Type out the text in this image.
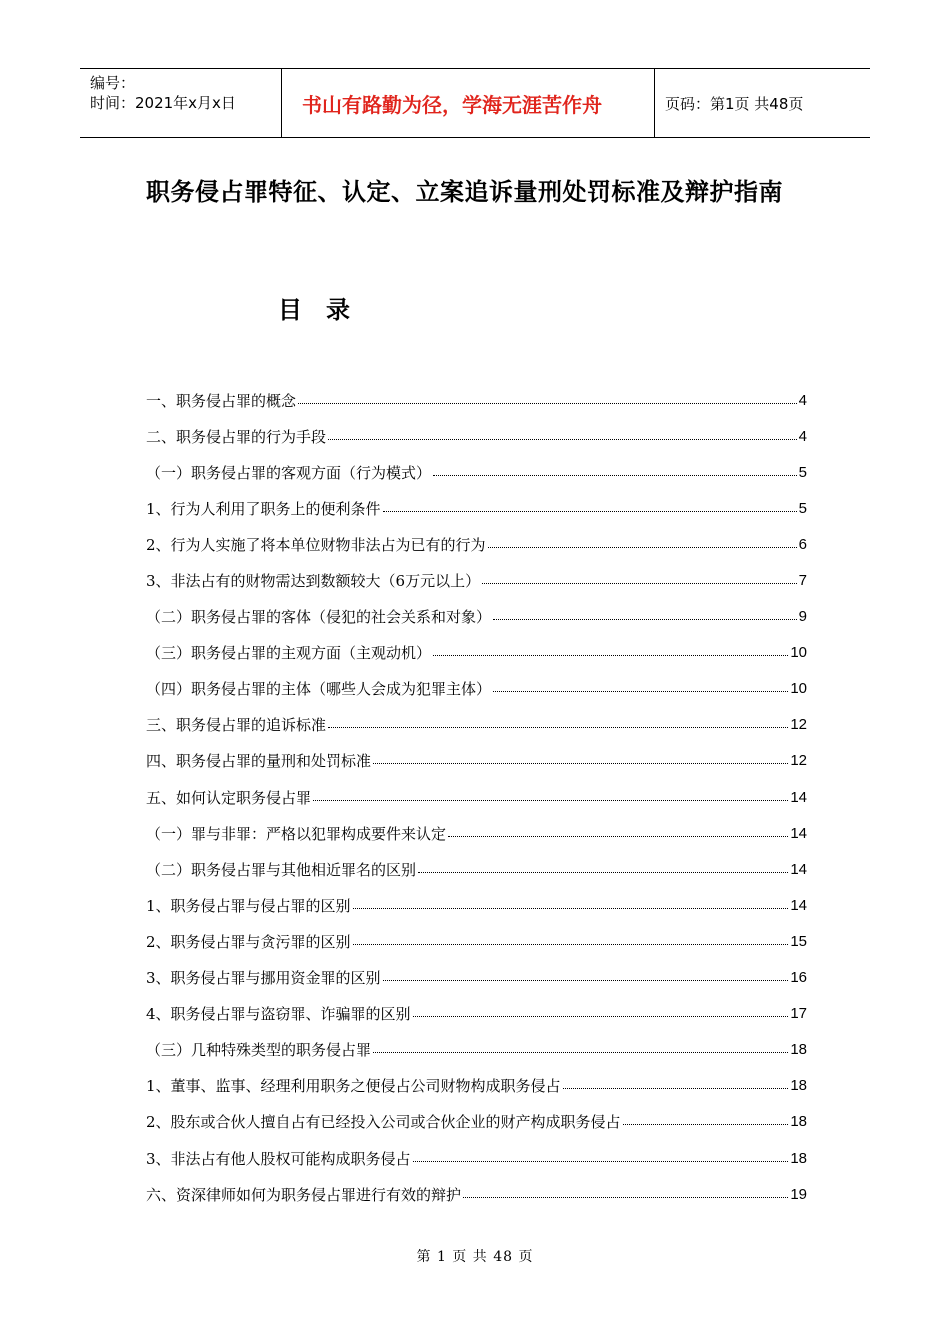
编号：
时间：2021年x月x日	书山有路勤为径，学海无涯苦作舟	页码：第1页 共48页
职务侵占罪特征、认定、立案追诉量刑处罚标准及辩护指南
目录
一、职务侵占罪的概念	4
二、职务侵占罪的行为手段	4
（一）职务侵占罪的客观方面（行为模式）	5
1、行为人利用了职务上的便利条件	5
2、行为人实施了将本单位财物非法占为已有的行为	6
3、非法占有的财物需达到数额较大（6万元以上）	7
（二）职务侵占罪的客体（侵犯的社会关系和对象）	9
（三）职务侵占罪的主观方面（主观动机）	10
（四）职务侵占罪的主体（哪些人会成为犯罪主体）	10
三、职务侵占罪的追诉标准	12
四、职务侵占罪的量刑和处罚标准	12
五、如何认定职务侵占罪	14
（一）罪与非罪：严格以犯罪构成要件来认定	14
（二）职务侵占罪与其他相近罪名的区别	14
1、职务侵占罪与侵占罪的区别	14
2、职务侵占罪与贪污罪的区别	15
3、职务侵占罪与挪用资金罪的区别	16
4、职务侵占罪与盗窃罪、诈骗罪的区别	17
（三）几种特殊类型的职务侵占罪	18
1、董事、监事、经理利用职务之便侵占公司财物构成职务侵占	18
2、股东或合伙人擅自占有已经投入公司或合伙企业的财产构成职务侵占	18
3、非法占有他人股权可能构成职务侵占	18
六、资深律师如何为职务侵占罪进行有效的辩护	19
第 1 页 共 48 页
